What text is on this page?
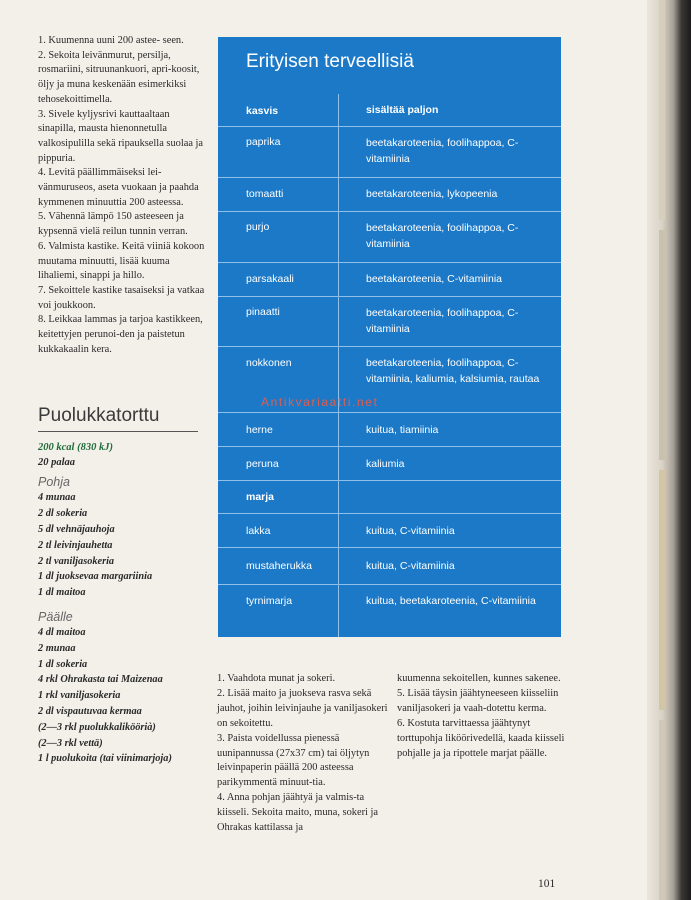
1. Kuumenna uuni 200 astee- seen.

2. Sekoita leivänmurut, persilja, rosmariini, sitruunankuori, apri-koosit, öljy ja muna keskenään esimerkiksi tehosekoittimella.

3. Sivele kyljysrivi kauttaaltaan sinapilla, mausta hienonnetulla valkosipulilla sekä ripauksella suolaa ja pippuria.

4. Levitä päällimmäiseksi lei-vänmuruseos, aseta vuokaan ja paahda kymmenen minuuttia 200 asteessa.

5. Vähennä lämpö 150 asteeseen ja kypsennä vielä reilun tunnin verran.

6. Valmista kastike. Keitä viiniä kokoon muutama minuutti, lisää kuuma lihaliemi, sinappi ja hillo.

7. Sekoittele kastike tasaiseksi ja vatkaa voi joukkoon.

8. Leikkaa lammas ja tarjoa kastikkeen, keitettyjen perunoi-den ja paistetun kukkakaalin kera.

Puolukkatorttu
200 kcal (830 kJ)
20 palaa
Pohja
4 munaa
2 dl sokeria
5 dl vehnäjauhoja
2 tl leivinjauhetta
2 tl vaniljasokeria
1 dl juoksevaa margariinia
1 dl maitoa
Päälle
4 dl maitoa
2 munaa
1 dl sokeria
4 rkl Ohrakasta tai Maizenaa
1 rkl vaniljasokeria
2 dl vispautuvaa kermaa
(2—3 rkl puolukkaliköörià)
(2—3 rkl vettä)
1 l puolukoita (tai viinimarjoja)
Erityisen terveellisiä
kasvis	sisältää paljon
paprika	beetakaroteenia, foolihappoa, C-vitamiinia
tomaatti	beetakaroteenia, lykopeenia
purjo	beetakaroteenia, foolihappoa, C-vitamiinia
parsakaali	beetakaroteenia, C-vitamiinia
pinaatti	beetakaroteenia, foolihappoa, C-vitamiinia
nokkonen	beetakaroteenia, foolihappoa, C-vitamiinia, kaliumia, kalsiumia, rautaa
herne	kuitua, tiamiinia
peruna	kaliumia
marja
lakka	kuitua, C-vitamiinia
mustaherukka	kuitua, C-vitamiinia
tyrnimarja	kuitua, beetakaroteenia, C-vitamiinia
Antikvariaatti.net

1. Vaahdota munat ja sokeri.

2. Lisää maito ja juokseva rasva sekä jauhot, joihin leivinjauhe ja vaniljasokeri on sekoitettu.

3. Paista voidellussa pienessä uunipannussa (27x37 cm) tai öljytyn leivinpaperin päällä 200 asteessa parikymmentä minuut-tia.

4. Anna pohjan jäähtyä ja valmis-ta kiisseli. Sekoita maito, muna, sokeri ja Ohrakas kattilassa ja

kuumenna sekoitellen, kunnes sakenee.

5. Lisää täysin jäähtyneeseen kiisseliin vaniljasokeri ja vaah-dotettu kerma.

6. Kostuta tarvittaessa jäähtynyt torttupohja liköörivedellä, kaada kiisseli pohjalle ja ja ripottele marjat päälle.

101
